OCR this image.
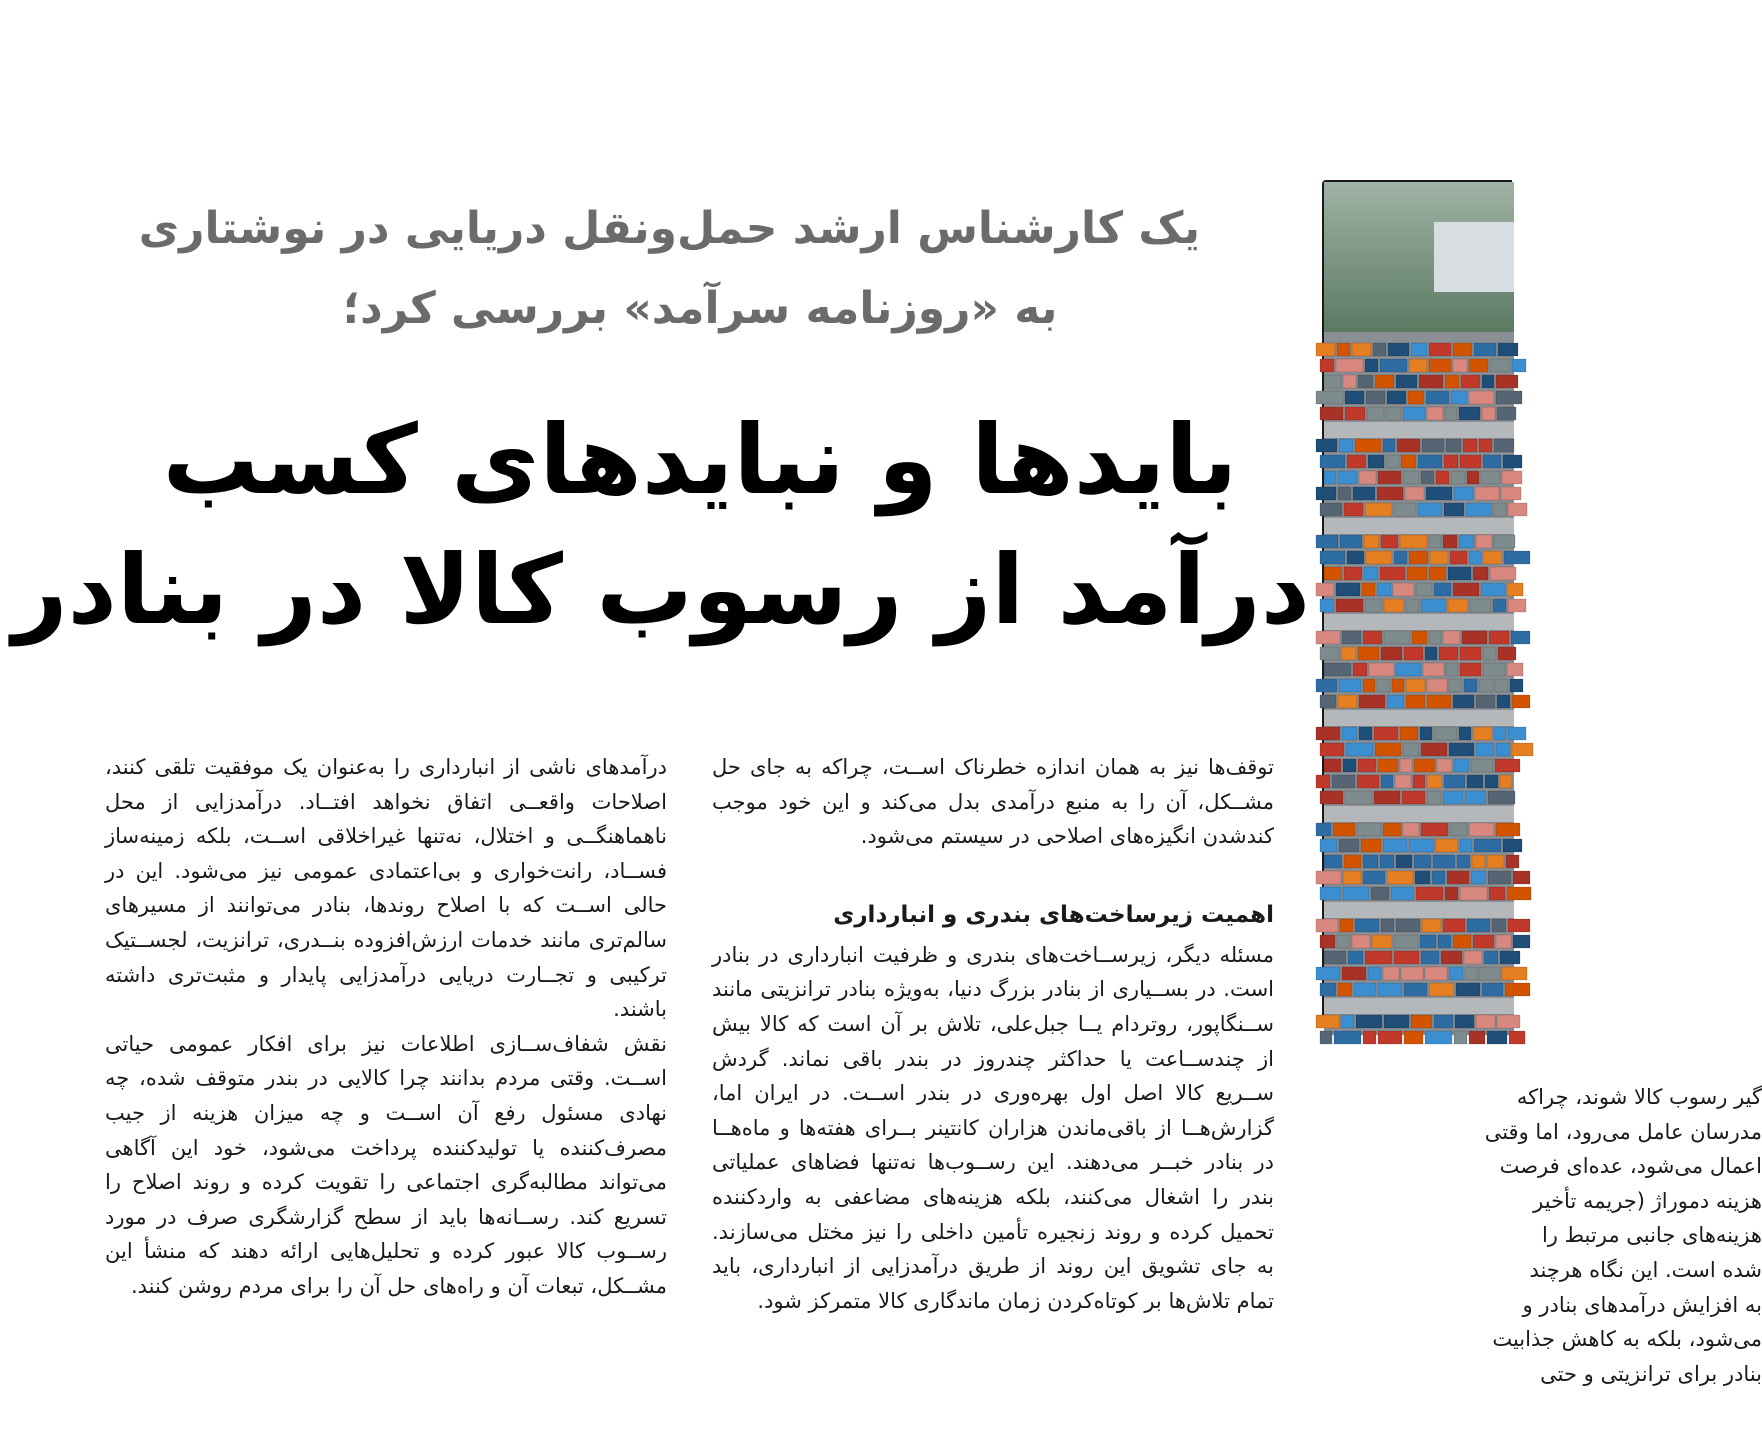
یک کارشناس ارشد حمل‌ونقل دریایی در نوشتاری
به «روزنامه سرآمد» بررسی کرد؛
بایدها و نبایدهای کسب
درآمد از رسوب کالا در بنادر

توقف‌ها نیز به همان اندازه خطرناک اســت، چراکه به جای حل مشــکل، آن را به منبع درآمدی بدل می‌کند و این خود موجب کندشدن انگیزه‌های اصلاحی در سیستم می‌شود.

اهمیت زیرساخت‌های بندری و انبارداری

مسئله دیگر، زیرســاخت‌های بندری و ظرفیت انبارداری در بنادر است. در بســیاری از بنادر بزرگ دنیا، به‌ویژه بنادر ترانزیتی مانند ســنگاپور، روتردام یــا جبل‌علی، تلاش بر آن است که کالا بیش از چندســاعت یا حداکثر چندروز در بندر باقی نماند. گردش ســریع کالا اصل اول بهره‌وری در بندر اســت. در ایران اما، گزارش‌هــا از باقی‌ماندن هزاران کانتینر بــرای هفته‌ها و ماه‌هــا در بنادر خبــر می‌دهند. این رســوب‌ها نه‌تنها فضاهای عملیاتی بندر را اشغال می‌کنند، بلکه هزینه‌های مضاعفی به واردکننده تحمیل کرده و روند زنجیره تأمین داخلی را نیز مختل می‌سازند. به جای تشویق این روند از طریق درآمدزایی از انبارداری، باید تمام تلاش‌ها بر کوتاه‌کردن زمان ماندگاری کالا متمرکز شود.

درآمدهای ناشی از انبارداری را به‌عنوان یک موفقیت تلقی کنند، اصلاحات واقعــی اتفاق نخواهد افتــاد. درآمدزایی از محل ناهماهنگــی و اختلال، نه‌تنها غیراخلاقی اســت، بلکه زمینه‌ساز فســاد، رانت‌خواری و بی‌اعتمادی عمومی نیز می‌شود. این در حالی اســت که با اصلاح روندها، بنادر می‌توانند از مسیرهای سالم‌تری مانند خدمات ارزش‌افزوده بنــدری، ترانزیت، لجســتیک ترکیبی و تجــارت دریایی درآمدزایی پایدار و مثبت‌تری داشته باشند.

نقش شفاف‌ســازی اطلاعات نیز برای افکار عمومی حیاتی اســت. وقتی مردم بدانند چرا کالایی در بندر متوقف شده، چه نهادی مسئول رفع آن اســت و چه میزان هزینه از جیب مصرف‌کننده یا تولیدکننده پرداخت می‌شود، خود این آگاهی می‌تواند مطالبه‌گری اجتماعی را تقویت کرده و روند اصلاح را تسریع کند. رســانه‌ها باید از سطح گزارشگری صرف در مورد رســوب کالا عبور کرده و تحلیل‌هایی ارائه دهند که منشأ این مشــکل، تبعات آن و راه‌های حل آن را برای مردم روشن کنند.

گیر رسوب کالا شوند، چراکه
مدرسان عامل می‌رود، اما وقتی
اعمال می‌شود، عده‌ای فرصت
هزینه دموراژ (جریمه تأخیر
هزینه‌های جانبی مرتبط را
شده است. این نگاه هرچند
به افزایش درآمدهای بنادر و
می‌شود، بلکه به کاهش جذابیت
بنادر برای ترانزیتی و حتی
